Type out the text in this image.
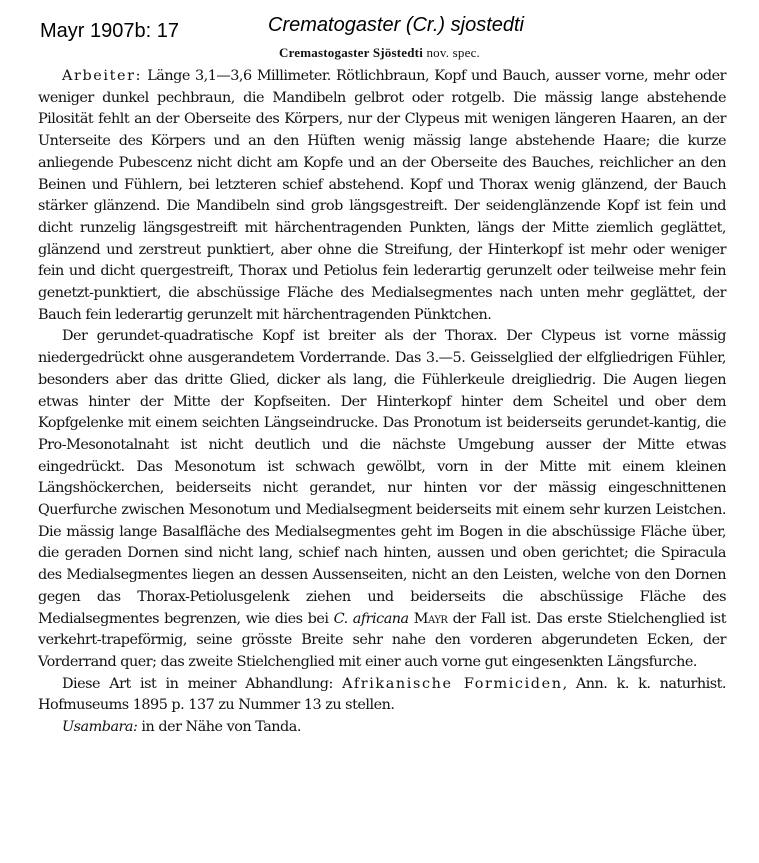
Mayr 1907b: 17	Crematogaster (Cr.) sjostedti
Cremastogaster Sjöstedti nov. spec.

Arbeiter: Länge 3,1—3,6 Millimeter. Rötlichbraun, Kopf und Bauch, ausser vorne, mehr oder weniger dunkel pechbraun, die Mandibeln gelbrot oder rotgelb. Die mässig lange abstehende Pilosität fehlt an der Oberseite des Körpers, nur der Clypeus mit wenigen längeren Haaren, an der Unterseite des Körpers und an den Hüften wenig mässig lange abstehende Haare; die kurze anliegende Pubescenz nicht dicht am Kopfe und an der Oberseite des Bauches, reichlicher an den Beinen und Fühlern, bei letzteren schief abstehend. Kopf und Thorax wenig glänzend, der Bauch stärker glänzend. Die Mandibeln sind grob längsgestreift. Der seidenglänzende Kopf ist fein und dicht runzelig längsgestreift mit härchentragenden Punkten, längs der Mitte ziemlich geglättet, glänzend und zerstreut punktiert, aber ohne die Streifung, der Hinterkopf ist mehr oder weniger fein und dicht quergestreift, Thorax und Petiolus fein lederartig gerunzelt oder teilweise mehr fein genetzt-punktiert, die abschüssige Fläche des Medialsegmentes nach unten mehr geglättet, der Bauch fein lederartig gerunzelt mit härchentragenden Pünktchen.

Der gerundet-quadratische Kopf ist breiter als der Thorax. Der Clypeus ist vorne mässig niedergedrückt ohne ausgerandetem Vorderrande. Das 3.—5. Geisselglied der elfgliedrigen Fühler, besonders aber das dritte Glied, dicker als lang, die Fühlerkeule dreigliedrig. Die Augen liegen etwas hinter der Mitte der Kopfseiten. Der Hinterkopf hinter dem Scheitel und ober dem Kopfgelenke mit einem seichten Längseindrucke. Das Pronotum ist beiderseits gerundet-kantig, die Pro-Mesonotalnaht ist nicht deutlich und die nächste Umgebung ausser der Mitte etwas eingedrückt. Das Mesonotum ist schwach gewölbt, vorn in der Mitte mit einem kleinen Längshöckerchen, beiderseits nicht gerandet, nur hinten vor der mässig eingeschnittenen Querfurche zwischen Mesonotum und Medialsegment beiderseits mit einem sehr kurzen Leistchen. Die mässig lange Basalfläche des Medialsegmentes geht im Bogen in die abschüssige Fläche über, die geraden Dornen sind nicht lang, schief nach hinten, aussen und oben gerichtet; die Spiracula des Medialsegmentes liegen an dessen Aussenseiten, nicht an den Leisten, welche von den Dornen gegen das Thorax-Petiolusgelenk ziehen und beiderseits die abschüssige Fläche des Medialsegmentes begrenzen, wie dies bei C. africana Mayr der Fall ist. Das erste Stielchenglied ist verkehrt-trapeförmig, seine grösste Breite sehr nahe den vorderen abgerundeten Ecken, der Vorderrand quer; das zweite Stielchenglied mit einer auch vorne gut eingesenkten Längsfurche.

Diese Art ist in meiner Abhandlung: Afrikanische Formiciden, Ann. k. k. naturhist. Hofmuseums 1895 p. 137 zu Nummer 13 zu stellen.

Usambara: in der Nähe von Tanda.
